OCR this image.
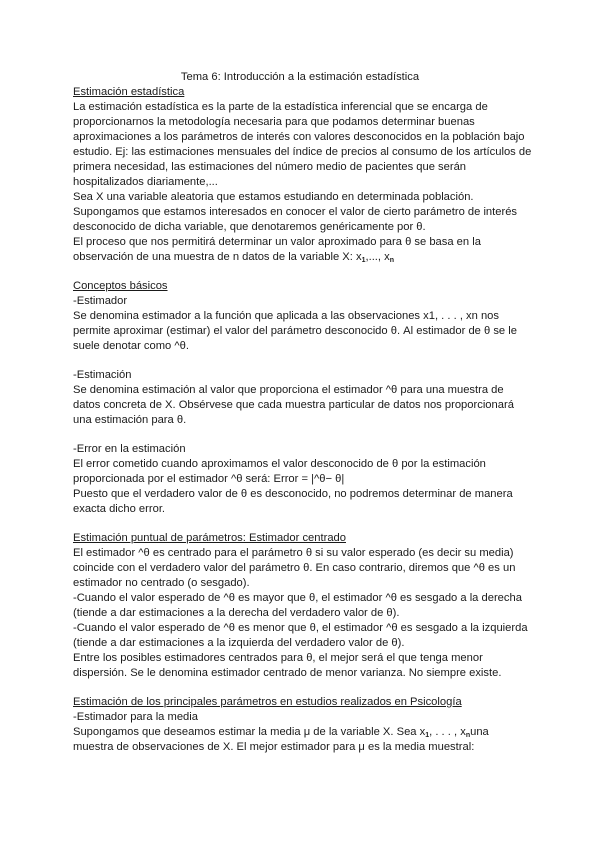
Tema 6: Introducción a la estimación estadística
Estimación estadística
La estimación estadística es la parte de la estadística inferencial que se encarga de
proporcionarnos la metodología necesaria para que podamos determinar buenas
aproximaciones a los parámetros de interés con valores desconocidos en la población bajo
estudio. Ej: las estimaciones mensuales del índice de precios al consumo de los artículos de
primera necesidad, las estimaciones del número medio de pacientes que serán
hospitalizados diariamente,...
Sea X una variable aleatoria que estamos estudiando en determinada población.
Supongamos que estamos interesados en conocer el valor de cierto parámetro de interés
desconocido de dicha variable, que denotaremos genéricamente por θ.
El proceso que nos permitirá determinar un valor aproximado para θ se basa en la
observación de una muestra de n datos de la variable X: $x_1$,..., $x_n$
Conceptos básicos
-Estimador
Se denomina estimador a la función que aplicada a las observaciones x1, . . . , xn nos
permite aproximar (estimar) el valor del parámetro desconocido θ. Al estimador de θ se le
suele denotar como ^θ.
-Estimación
Se denomina estimación al valor que proporciona el estimador ^θ para una muestra de
datos concreta de X. Obsérvese que cada muestra particular de datos nos proporcionará
una estimación para θ.
-Error en la estimación
El error cometido cuando aproximamos el valor desconocido de θ por la estimación
proporcionada por el estimador ^θ será: Error = |^θ− θ|
Puesto que el verdadero valor de θ es desconocido, no podremos determinar de manera
exacta dicho error.
Estimación puntual de parámetros: Estimador centrado
El estimador ^θ es centrado para el parámetro θ si su valor esperado (es decir su media)
coincide con el verdadero valor del parámetro θ. En caso contrario, diremos que ^θ es un
estimador no centrado (o sesgado).
-Cuando el valor esperado de ^θ es mayor que θ, el estimador ^θ es sesgado a la derecha
(tiende a dar estimaciones a la derecha del verdadero valor de θ).
-Cuando el valor esperado de ^θ es menor que θ, el estimador ^θ es sesgado a la izquierda
(tiende a dar estimaciones a la izquierda del verdadero valor de θ).
Entre los posibles estimadores centrados para θ, el mejor será el que tenga menor
dispersión. Se le denomina estimador centrado de menor varianza. No siempre existe.
Estimación de los principales parámetros en estudios realizados en Psicología
-Estimador para la media
Supongamos que deseamos estimar la media μ de la variable X. Sea $x_1$, . . . , $x_nuna$
muestra de observaciones de X. El mejor estimador para μ es la media muestral:
